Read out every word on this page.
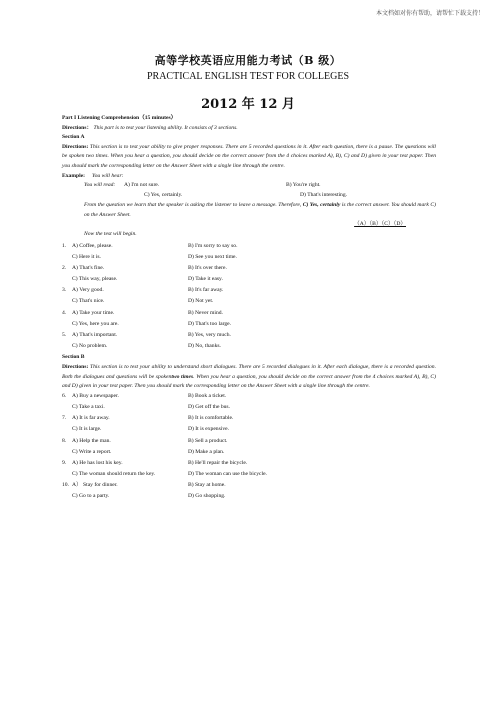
本文档如对你有帮助，请帮忙下载支持！
高等学校英语应用能力考试（B 级）
PRACTICAL ENGLISH TEST FOR COLLEGES
2012 年 12 月
Part I Listening Comprehension（15 minutes）
Directions： This part is to test your listening ability. It consists of 3 sections.
Section A
Directions: This section is to test your ability to give proper responses. There are 5 recorded questions in it. After each question, there is a pause. The questions will be spoken two times. When you hear a question, you should decide on the correct answer from the 4 choices marked A), B), C) and D) given in your test paper. Then you should mark the corresponding letter on the Answer Sheet with a single line through the centre.
Example: You will hear:
You will read: A) I'm not sure.	B) You're right.
C) Yes, certainly.	D) That's interesting.
From the question we learn that the speaker is asking the listener to leave a message. Therefore, C) Yes, certainly is the correct answer. You should mark C) on the Answer Sheet.
（A）（B）（C）（D）
Now the test will begin.
1. A) Coffee, please.	B) I'm sorry to say so.
C) Here it is.	D) See you next time.
2. A) That's fine.	B) It's over there.
C) This way, please.	D) Take it easy.
3. A) Very good.	B) It's far away.
C) That's nice.	D) Not yet.
4. A) Take your time.	B) Never mind.
C) Yes, here you are.	D) That's too large.
5. A) That's important.	B) Yes, very much.
C) No problem.	D) No, thanks.
Section B
Directions: This section is to test your ability to understand short dialogues. There are 5 recorded dialogues in it. After each dialogue, there is a recorded question. Both the dialogues and questions will be spokentwo times. When you hear a question, you should decide on the correct answer from the 4 choices marked A), B), C) and D) given in your test paper. Then you should mark the corresponding letter on the Answer Sheet with a single line through the centre.
6. A) Buy a newspaper.	B) Book a ticket.
C) Take a taxi.	D) Get off the bus.
7. A) It is far away.	B) It is comfortable.
C) It is large.	D) It is expensive.
8. A) Help the man.	B) Sell a product.
C) Write a report.	D) Make a plan.
9. A) He has lost his key.	B) He'll repair the bicycle.
C) The woman should return the key.	D) The woman can use the bicycle.
10. A） Stay for dinner.	B) Stay at home.
C) Go to a party.	D) Go shopping.
